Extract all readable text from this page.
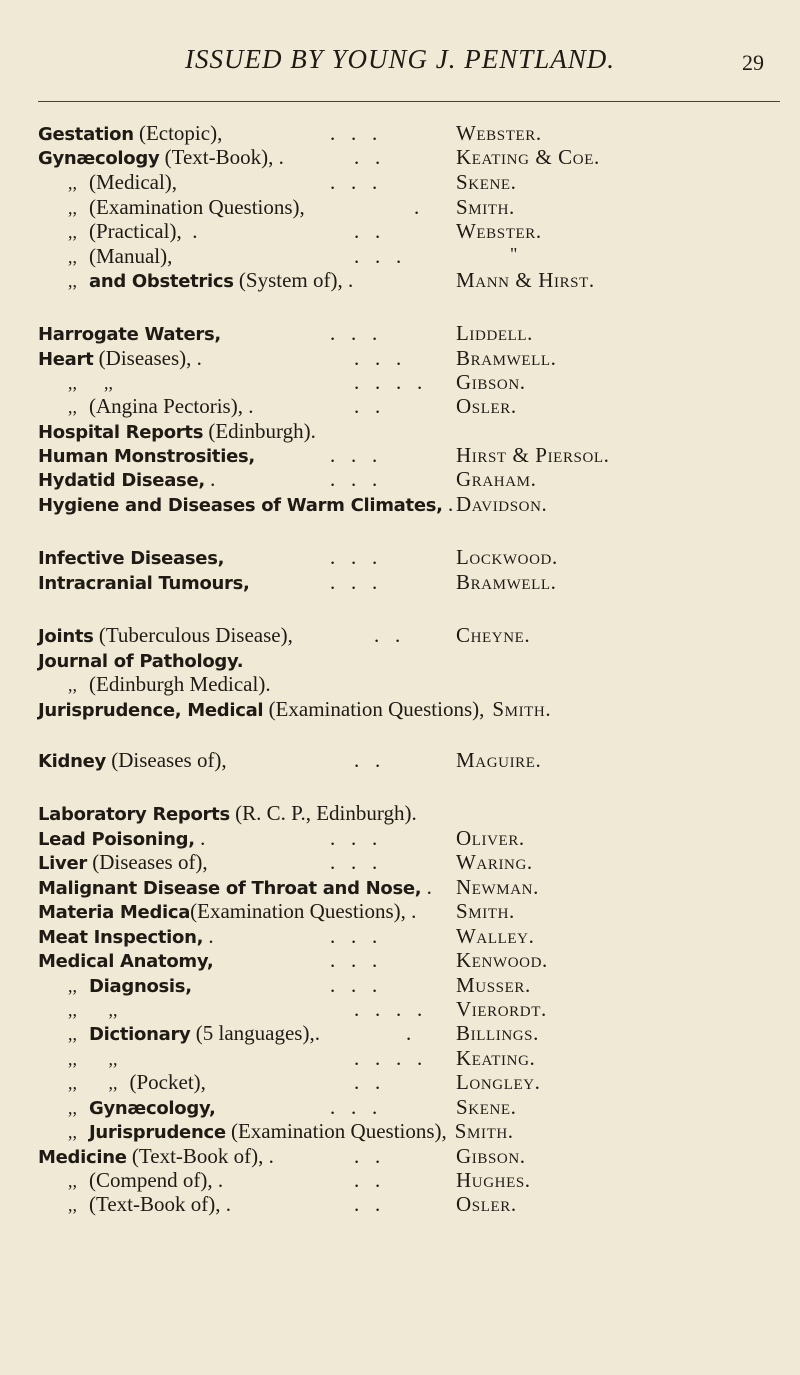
ISSUED BY YOUNG J. PENTLAND.	29
Gestation (Ectopic),	.   .   .	Webster.
Gynæcology (Text-Book), .	.   .	Keating & Coe.
,, (Medical),	.   .   .	Skene.
,, (Examination Questions),	. Smith.
,, (Practical),  .	.   .	Webster.
,, (Manual),	.   .   .	"
,, and Obstetrics (System of), .	Mann & Hirst.
Harrogate Waters,	.   .   .	Liddell.
Heart (Diseases), .	.   .   .	Bramwell.
,,      ,,	.   .   .   . Gibson.
,, (Angina Pectoris), .	.   .	Osler.
Hospital Reports (Edinburgh).
Human Monstrosities,	.   .   .	Hirst & Piersol.
Hydatid Disease, .	.   .   .	Graham.
Hygiene and Diseases of Warm Climates, . Davidson.
Infective Diseases,	.   .   .	Lockwood.
Intracranial Tumours,	.   .   .	Bramwell.
Joints (Tuberculous Disease),	.   .	Cheyne.
Journal of Pathology.
,, (Edinburgh Medical).
Jurisprudence, Medical (Examination Questions), Smith.
Kidney (Diseases of),	.   .	Maguire.
Laboratory Reports (R. C. P., Edinburgh).
Lead Poisoning, .	.   .   .	Oliver.
Liver (Diseases of),	.   .   .	Waring.
Malignant Disease of Throat and Nose, . Newman.
Materia Medica(Examination Questions), . Smith.
Meat Inspection, .	.   .   .	Walley.
Medical Anatomy,	.   .   .	Kenwood.
,, Diagnosis,	.   .   .	Musser.
,,       ,,	.   .   .   . Vierordt.
,, Dictionary (5 languages),.	. Billings.
,,       ,,	.   .   .   . Keating.
,,       ,, (Pocket),	.   .	Longley.
,, Gynæcology,	.   .   .	Skene.
,, Jurisprudence (Examination Questions), Smith.
Medicine (Text-Book of), .	.   .	Gibson.
,, (Compend of), .	.   .	Hughes.
,, (Text-Book of), .	.   .	Osler.
